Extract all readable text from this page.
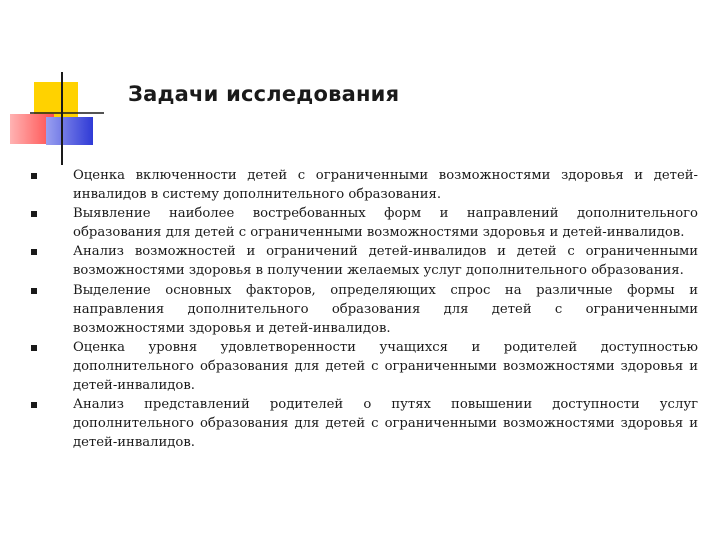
Задачи исследования
Оценка включенности детей с ограниченными возможностями здоровья и детей-инвалидов в систему дополнительного образования.
Выявление наиболее востребованных форм и направлений дополнительного образования для детей с ограниченными возможностями здоровья и детей-инвалидов.
Анализ возможностей и ограничений детей-инвалидов и детей с ограниченными возможностями здоровья в получении желаемых услуг дополнительного образования.
Выделение основных факторов, определяющих спрос на различные формы и направления дополнительного образования для детей с ограниченными возможностями здоровья и детей-инвалидов.
Оценка уровня удовлетворенности учащихся и родителей доступностью дополнительного образования для детей с ограниченными возможностями здоровья и детей-инвалидов.
Анализ представлений родителей о путях повышении доступности услуг дополнительного образования для детей с ограниченными возможностями здоровья и детей-инвалидов.
